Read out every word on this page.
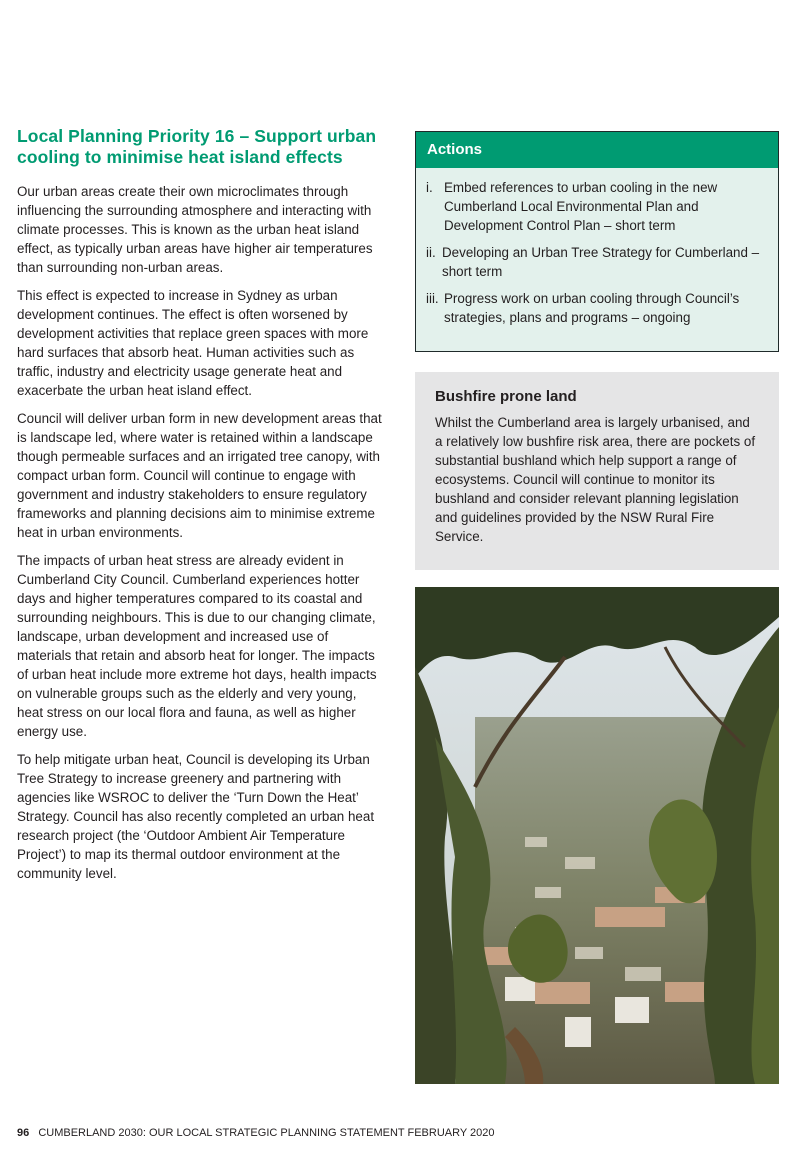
Local Planning Priority 16 – Support urban cooling to minimise heat island effects

Our urban areas create their own microclimates through influencing the surrounding atmosphere and interacting with climate processes. This is known as the urban heat island effect, as typically urban areas have higher air temperatures than surrounding non-urban areas.

This effect is expected to increase in Sydney as urban development continues. The effect is often worsened by development activities that replace green spaces with more hard surfaces that absorb heat. Human activities such as traffic, industry and electricity usage generate heat and exacerbate the urban heat island effect.

Council will deliver urban form in new development areas that is landscape led, where water is retained within a landscape though permeable surfaces and an irrigated tree canopy, with compact urban form. Council will continue to engage with government and industry stakeholders to ensure regulatory frameworks and planning decisions aim to minimise extreme heat in urban environments.

The impacts of urban heat stress are already evident in Cumberland City Council. Cumberland experiences hotter days and higher temperatures compared to its coastal and surrounding neighbours. This is due to our changing climate, landscape, urban development and increased use of materials that retain and absorb heat for longer. The impacts of urban heat include more extreme hot days, health impacts on vulnerable groups such as the elderly and very young, heat stress on our local flora and fauna, as well as higher energy use.

To help mitigate urban heat, Council is developing its Urban Tree Strategy to increase greenery and partnering with agencies like WSROC to deliver the ‘Turn Down the Heat’ Strategy. Council has also recently completed an urban heat research project (the ‘Outdoor Ambient Air Temperature Project’) to map its thermal outdoor environment at the community level.

Actions
i. Embed references to urban cooling in the new Cumberland Local Environmental Plan and Development Control Plan – short term
ii. Developing an Urban Tree Strategy for Cumberland – short term
iii. Progress work on urban cooling through Council’s strategies, plans and programs – ongoing
Bushfire prone land

Whilst the Cumberland area is largely urbanised, and a relatively low bushfire risk area, there are pockets of substantial bushland which help support a range of ecosystems. Council will continue to monitor its bushland and consider relevant planning legislation and guidelines provided by the NSW Rural Fire Service.

96 CUMBERLAND 2030: OUR LOCAL STRATEGIC PLANNING STATEMENT FEBRUARY 2020
